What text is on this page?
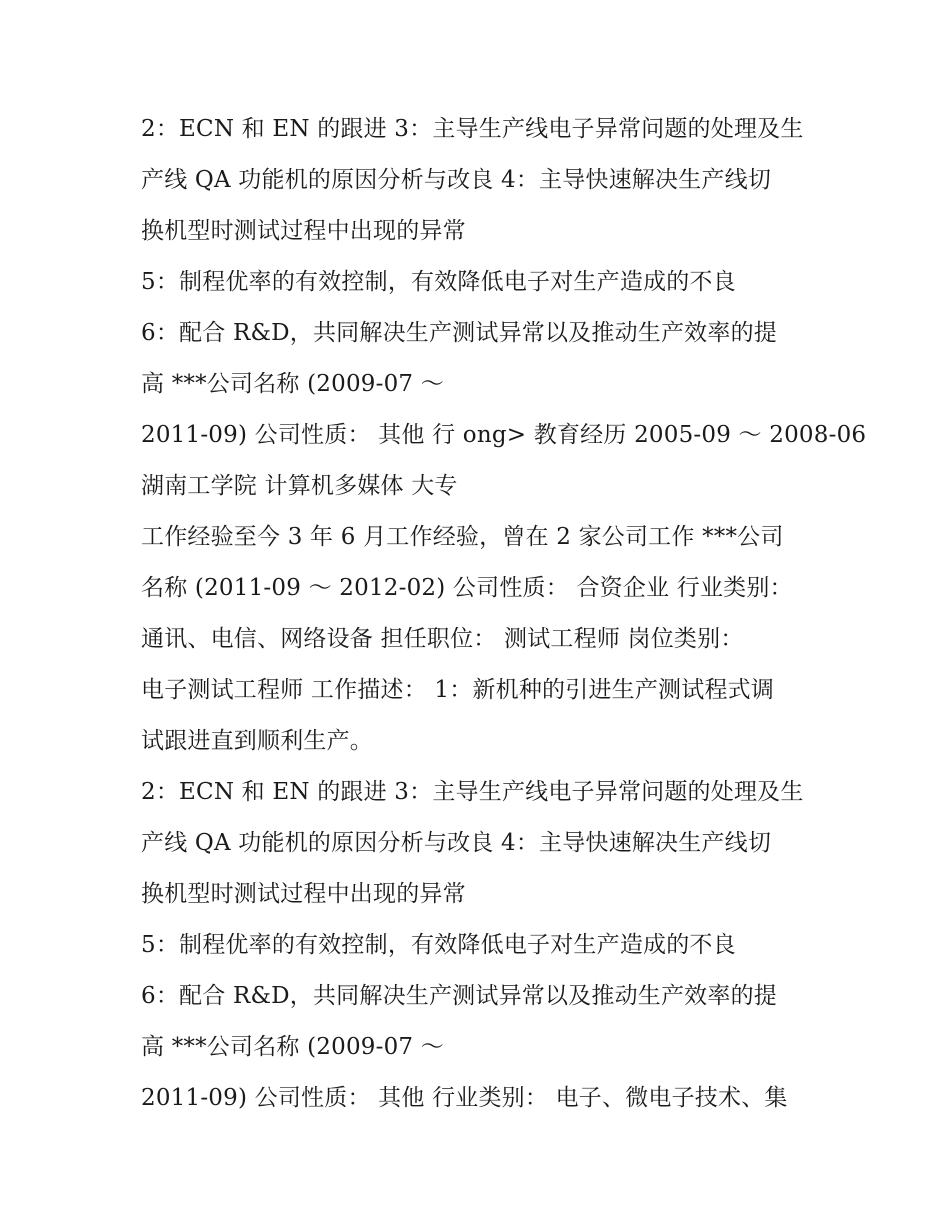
2：ECN 和 EN 的跟进 3：主导生产线电子异常问题的处理及生
产线 QA 功能机的原因分析与改良 4：主导快速解决生产线切
换机型时测试过程中出现的异常
5：制程优率的有效控制，有效降低电子对生产造成的不良
6：配合 R&D，共同解决生产测试异常以及推动生产效率的提
高 ***公司名称 (2009-07 ～
2011-09) 公司性质： 其他 行 ong> 教育经历 2005-09 ～ 2008-06
湖南工学院 计算机多媒体 大专
工作经验至今 3 年 6 月工作经验，曾在 2 家公司工作 ***公司
名称 (2011-09 ～ 2012-02) 公司性质： 合资企业 行业类别：
通讯、电信、网络设备 担任职位： 测试工程师 岗位类别：
电子测试工程师 工作描述： 1：新机种的引进生产测试程式调
试跟进直到顺利生产。
2：ECN 和 EN 的跟进 3：主导生产线电子异常问题的处理及生
产线 QA 功能机的原因分析与改良 4：主导快速解决生产线切
换机型时测试过程中出现的异常
5：制程优率的有效控制，有效降低电子对生产造成的不良
6：配合 R&D，共同解决生产测试异常以及推动生产效率的提
高 ***公司名称 (2009-07 ～
2011-09) 公司性质： 其他 行业类别： 电子、微电子技术、集
